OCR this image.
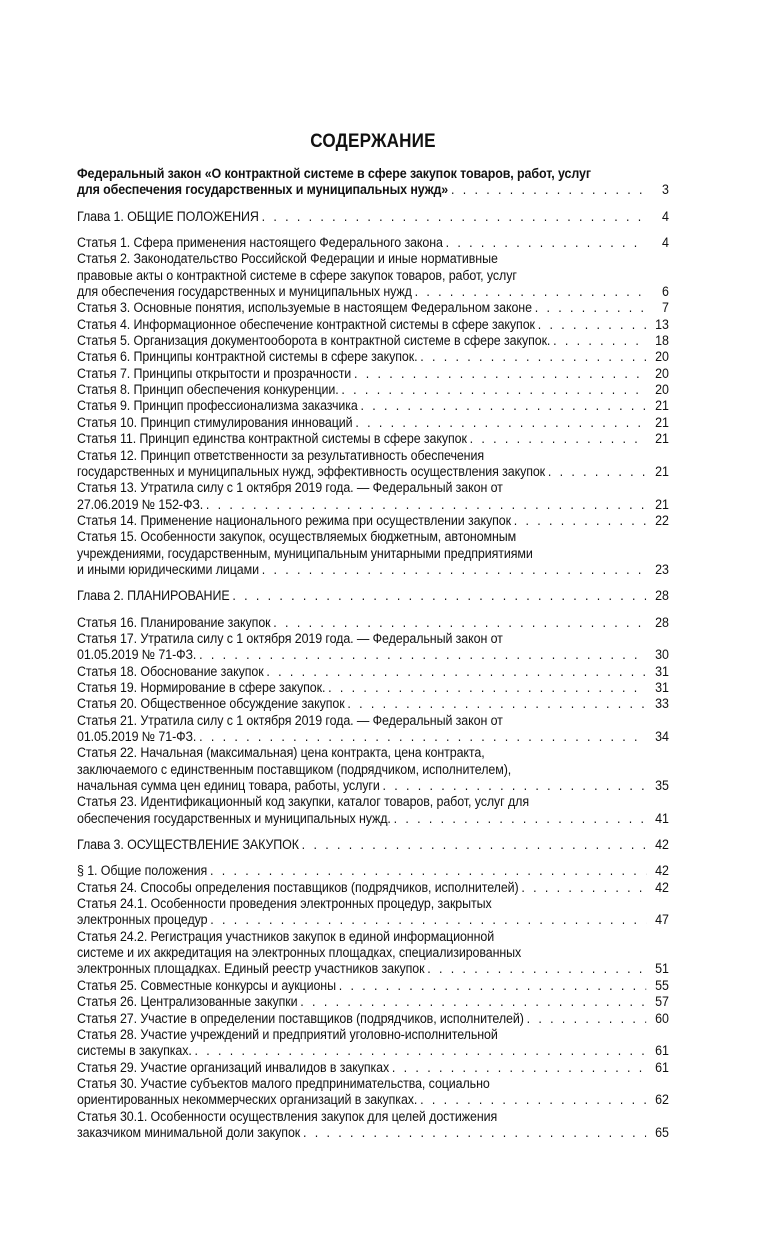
СОДЕРЖАНИЕ
Федеральный закон «О контрактной системе в сфере закупок товаров, работ, услуг
для обеспечения государственных и муниципальных нужд» . . .	3
Глава 1. ОБЩИЕ ПОЛОЖЕНИЯ . . .	4
Статья 1. Сфера применения настоящего Федерального закона . . .	4
Статья 2. Законодательство Российской Федерации и иные нормативные
правовые акты о контрактной системе в сфере закупок товаров, работ, услуг
для обеспечения государственных и муниципальных нужд . . .	6
Статья 3. Основные понятия, используемые в настоящем Федеральном законе . . .	7
Статья 4. Информационное обеспечение контрактной системы в сфере закупок . . .	13
Статья 5. Организация документооборота в контрактной системе в сфере закупок. . . .	18
Статья 6. Принципы контрактной системы в сфере закупок. . . .	20
Статья 7. Принципы открытости и прозрачности . . .	20
Статья 8. Принцип обеспечения конкуренции. . . .	20
Статья 9. Принцип профессионализма заказчика . . .	21
Статья 10. Принцип стимулирования инноваций . . .	21
Статья 11. Принцип единства контрактной системы в сфере закупок . . .	21
Статья 12. Принцип ответственности за результативность обеспечения
государственных и муниципальных нужд, эффективность осуществления закупок . . .	21
Статья 13. Утратила силу с 1 октября 2019 года. — Федеральный закон от
27.06.2019 № 152-ФЗ. . . .	21
Статья 14. Применение национального режима при осуществлении закупок . . .	22
Статья 15. Особенности закупок, осуществляемых бюджетным, автономным
учреждениями, государственным, муниципальным унитарными предприятиями
и иными юридическими лицами . . .	23
Глава 2. ПЛАНИРОВАНИЕ . . .	28
Статья 16. Планирование закупок . . .	28
Статья 17. Утратила силу с 1 октября 2019 года. — Федеральный закон от
01.05.2019 № 71-ФЗ. . . .	30
Статья 18. Обоснование закупок . . .	31
Статья 19. Нормирование в сфере закупок. . . .	31
Статья 20. Общественное обсуждение закупок . . .	33
Статья 21. Утратила силу с 1 октября 2019 года. — Федеральный закон от
01.05.2019 № 71-ФЗ. . . .	34
Статья 22. Начальная (максимальная) цена контракта, цена контракта,
заключаемого с единственным поставщиком (подрядчиком, исполнителем),
начальная сумма цен единиц товара, работы, услуги . . .	35
Статья 23. Идентификационный код закупки, каталог товаров, работ, услуг для
обеспечения государственных и муниципальных нужд. . . .	41
Глава 3. ОСУЩЕСТВЛЕНИЕ ЗАКУПОК . . .	42
§ 1. Общие положения . . .	42
Статья 24. Способы определения поставщиков (подрядчиков, исполнителей) . . .	42
Статья 24.1. Особенности проведения электронных процедур, закрытых
электронных процедур . . .	47
Статья 24.2. Регистрация участников закупок в единой информационной
системе и их аккредитация на электронных площадках, специализированных
электронных площадках. Единый реестр участников закупок . . .	51
Статья 25. Совместные конкурсы и аукционы . . .	55
Статья 26. Централизованные закупки . . .	57
Статья 27. Участие в определении поставщиков (подрядчиков, исполнителей) . . .	60
Статья 28. Участие учреждений и предприятий уголовно-исполнительной
системы в закупках. . . .	61
Статья 29. Участие организаций инвалидов в закупках . . .	61
Статья 30. Участие субъектов малого предпринимательства, социально
ориентированных некоммерческих организаций в закупках. . . .	62
Статья 30.1. Особенности осуществления закупок для целей достижения
заказчиком минимальной доли закупок . . .	65
